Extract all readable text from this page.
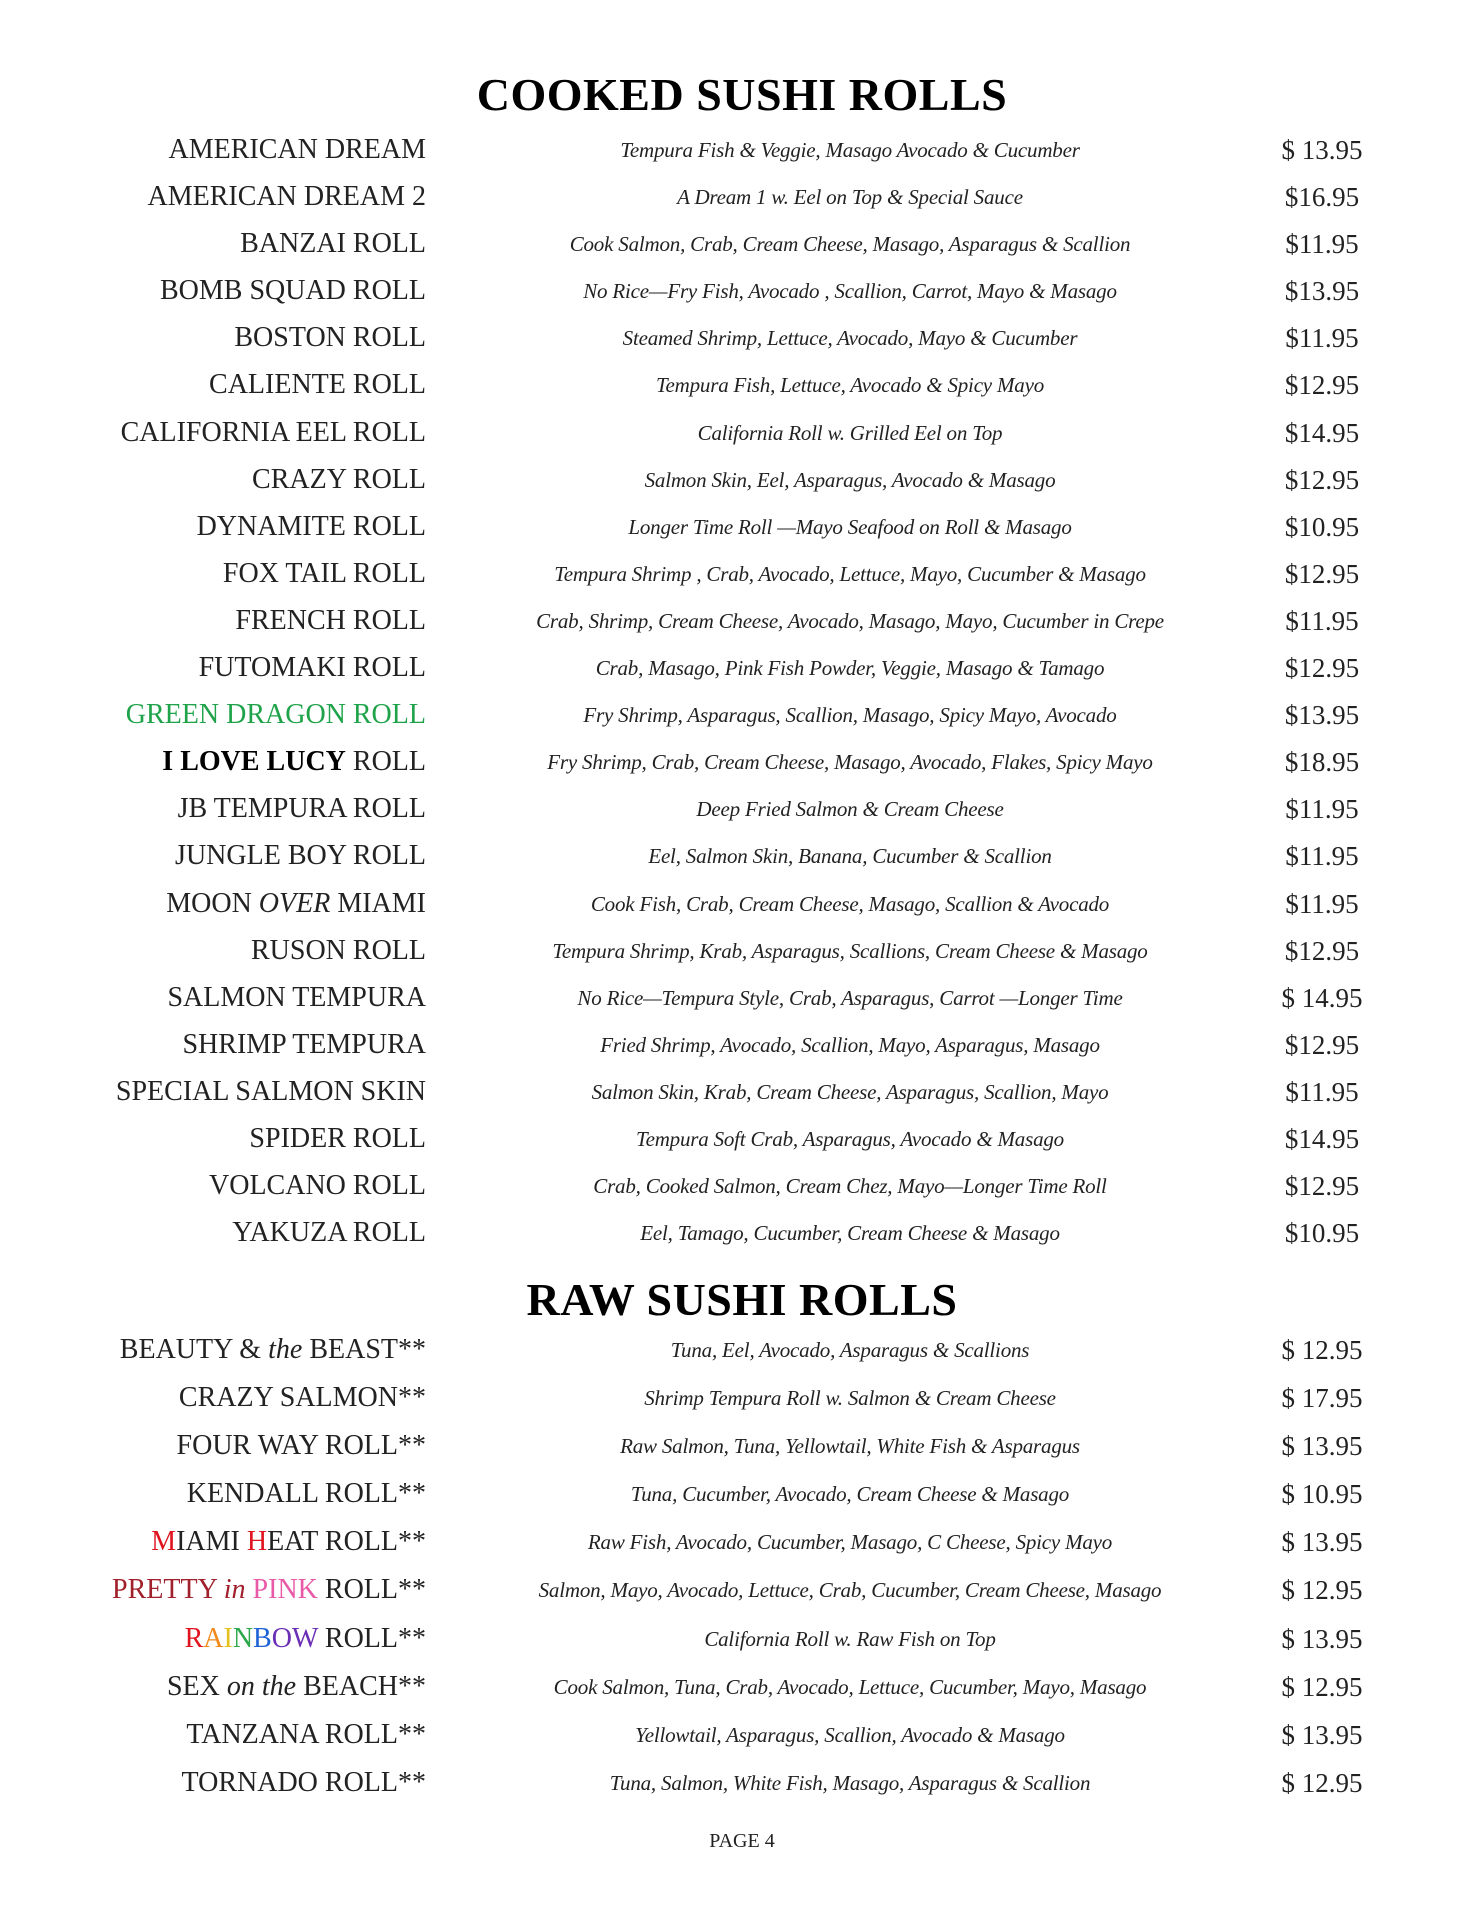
COOKED SUSHI ROLLS
AMERICAN DREAM	Tempura Fish & Veggie, Masago Avocado & Cucumber	$ 13.95
AMERICAN DREAM 2	A Dream 1 w. Eel on Top & Special Sauce	$16.95
BANZAI ROLL	Cook Salmon, Crab, Cream Cheese, Masago, Asparagus & Scallion	$11.95
BOMB SQUAD ROLL	No Rice—Fry Fish, Avocado , Scallion, Carrot, Mayo & Masago	$13.95
BOSTON ROLL	Steamed Shrimp, Lettuce, Avocado, Mayo & Cucumber	$11.95
CALIENTE ROLL	Tempura Fish, Lettuce, Avocado & Spicy Mayo	$12.95
CALIFORNIA EEL ROLL	California Roll w. Grilled Eel on Top	$14.95
CRAZY ROLL	Salmon Skin, Eel, Asparagus, Avocado & Masago	$12.95
DYNAMITE ROLL	Longer Time Roll —Mayo Seafood on Roll & Masago	$10.95
FOX TAIL ROLL	Tempura Shrimp , Crab, Avocado, Lettuce, Mayo, Cucumber & Masago	$12.95
FRENCH ROLL	Crab, Shrimp, Cream Cheese, Avocado, Masago, Mayo, Cucumber in Crepe	$11.95
FUTOMAKI ROLL	Crab, Masago, Pink Fish Powder, Veggie, Masago & Tamago	$12.95
GREEN DRAGON ROLL	Fry Shrimp, Asparagus, Scallion, Masago, Spicy Mayo, Avocado	$13.95
I LOVE LUCY ROLL	Fry Shrimp, Crab, Cream Cheese, Masago, Avocado, Flakes, Spicy Mayo	$18.95
JB TEMPURA ROLL	Deep Fried Salmon & Cream Cheese	$11.95
JUNGLE BOY ROLL	Eel, Salmon Skin, Banana, Cucumber & Scallion	$11.95
MOON OVER MIAMI	Cook Fish, Crab, Cream Cheese, Masago, Scallion & Avocado	$11.95
RUSON ROLL	Tempura Shrimp, Krab, Asparagus, Scallions, Cream Cheese & Masago	$12.95
SALMON TEMPURA	No Rice—Tempura Style, Crab, Asparagus, Carrot —Longer Time	$ 14.95
SHRIMP TEMPURA	Fried Shrimp, Avocado, Scallion, Mayo, Asparagus, Masago	$12.95
SPECIAL SALMON SKIN	Salmon Skin, Krab, Cream Cheese, Asparagus, Scallion, Mayo	$11.95
SPIDER ROLL	Tempura Soft Crab, Asparagus, Avocado & Masago	$14.95
VOLCANO ROLL	Crab, Cooked Salmon, Cream Chez, Mayo—Longer Time Roll	$12.95
YAKUZA ROLL	Eel, Tamago, Cucumber, Cream Cheese & Masago	$10.95
RAW SUSHI ROLLS
BEAUTY & the BEAST**	Tuna, Eel, Avocado, Asparagus & Scallions	$ 12.95
CRAZY SALMON**	Shrimp Tempura Roll w. Salmon & Cream Cheese	$ 17.95
FOUR WAY ROLL**	Raw Salmon, Tuna, Yellowtail, White Fish & Asparagus	$ 13.95
KENDALL ROLL**	Tuna, Cucumber, Avocado, Cream Cheese & Masago	$ 10.95
MIAMI HEAT ROLL**	Raw Fish, Avocado, Cucumber, Masago, C Cheese, Spicy Mayo	$ 13.95
PRETTY in PINK ROLL**	Salmon, Mayo, Avocado, Lettuce, Crab, Cucumber, Cream Cheese, Masago	$ 12.95
RAINBOW ROLL**	California Roll w. Raw Fish on Top	$ 13.95
SEX on the BEACH**	Cook Salmon, Tuna, Crab, Avocado, Lettuce, Cucumber, Mayo, Masago	$ 12.95
TANZANA ROLL**	Yellowtail, Asparagus, Scallion, Avocado & Masago	$ 13.95
TORNADO ROLL**	Tuna, Salmon, White Fish, Masago, Asparagus & Scallion	$ 12.95
PAGE 4
